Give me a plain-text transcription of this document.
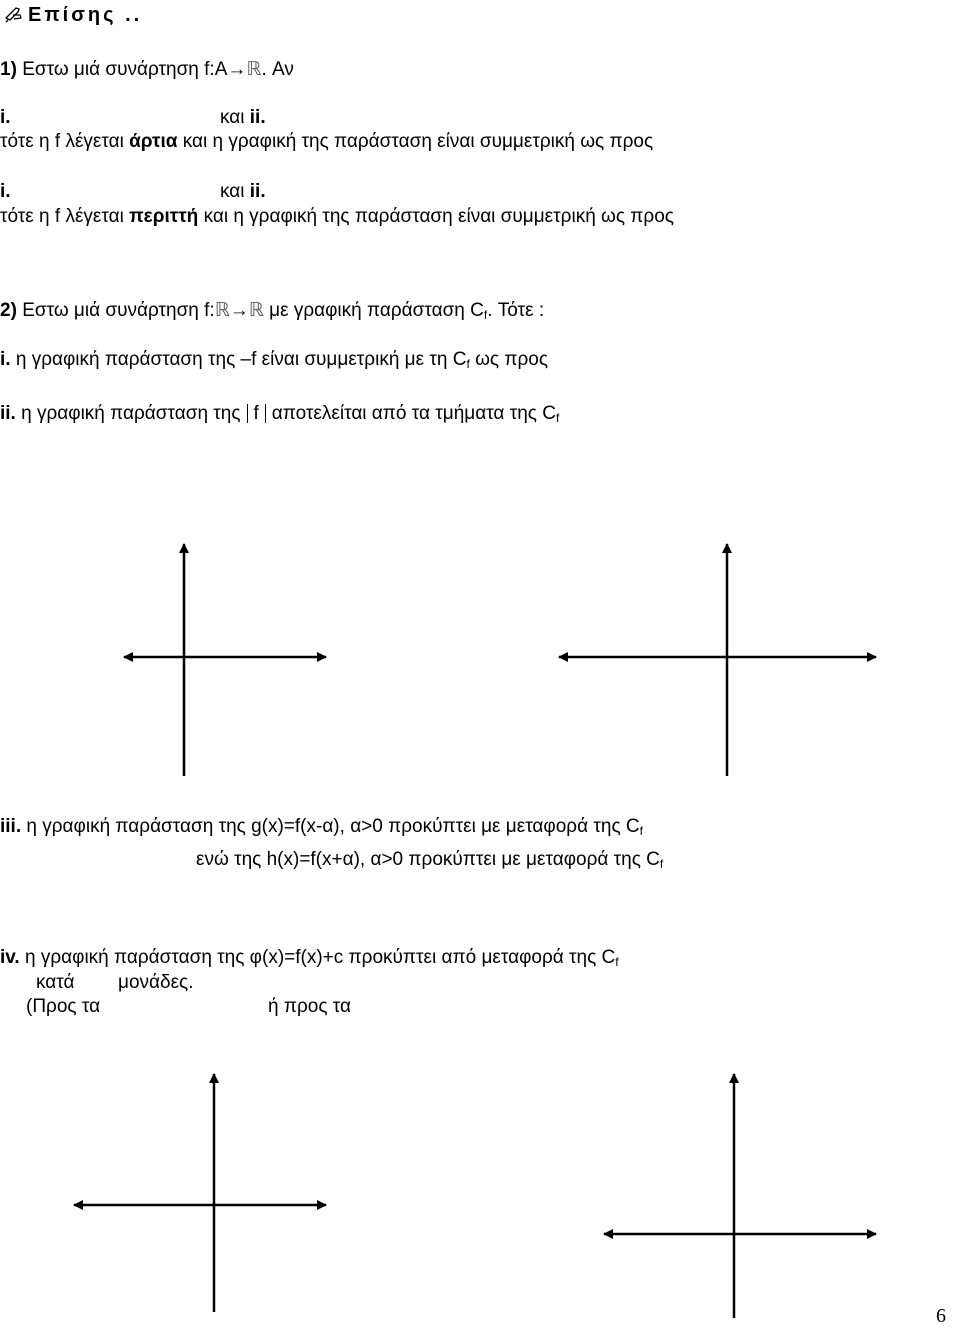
Επίσης ..
1) Εστω μιά συνάρτηση f:A→ℝ. Αν
i.	και ii.
τότε η f λέγεται άρτια και η γραφική της παράσταση είναι συμμετρική ως προς
i.	και ii.
τότε η f λέγεται περιττή και η γραφική της παράσταση είναι συμμετρική ως προς
2) Εστω μιά συνάρτηση f:ℝ→ℝ με γραφική παράσταση $C_f$. Τότε :
i. η γραφική παράσταση της –f είναι συμμετρική με τη $C_f$ ως προς
ii. η γραφική παράσταση της f αποτελείται από τα τμήματα της $C_f$
iii. η γραφική παράσταση της g(x)=f(x-α), α>0 προκύπτει με μεταφορά της $C_f$
ενώ της h(x)=f(x+α), α>0 προκύπτει με μεταφορά της $C_f$
iv. η γραφική παράσταση της φ(x)=f(x)+c προκύπτει από μεταφορά της $C_f$
κατά μονάδες.
(Προς τα	ή προς τα
6
